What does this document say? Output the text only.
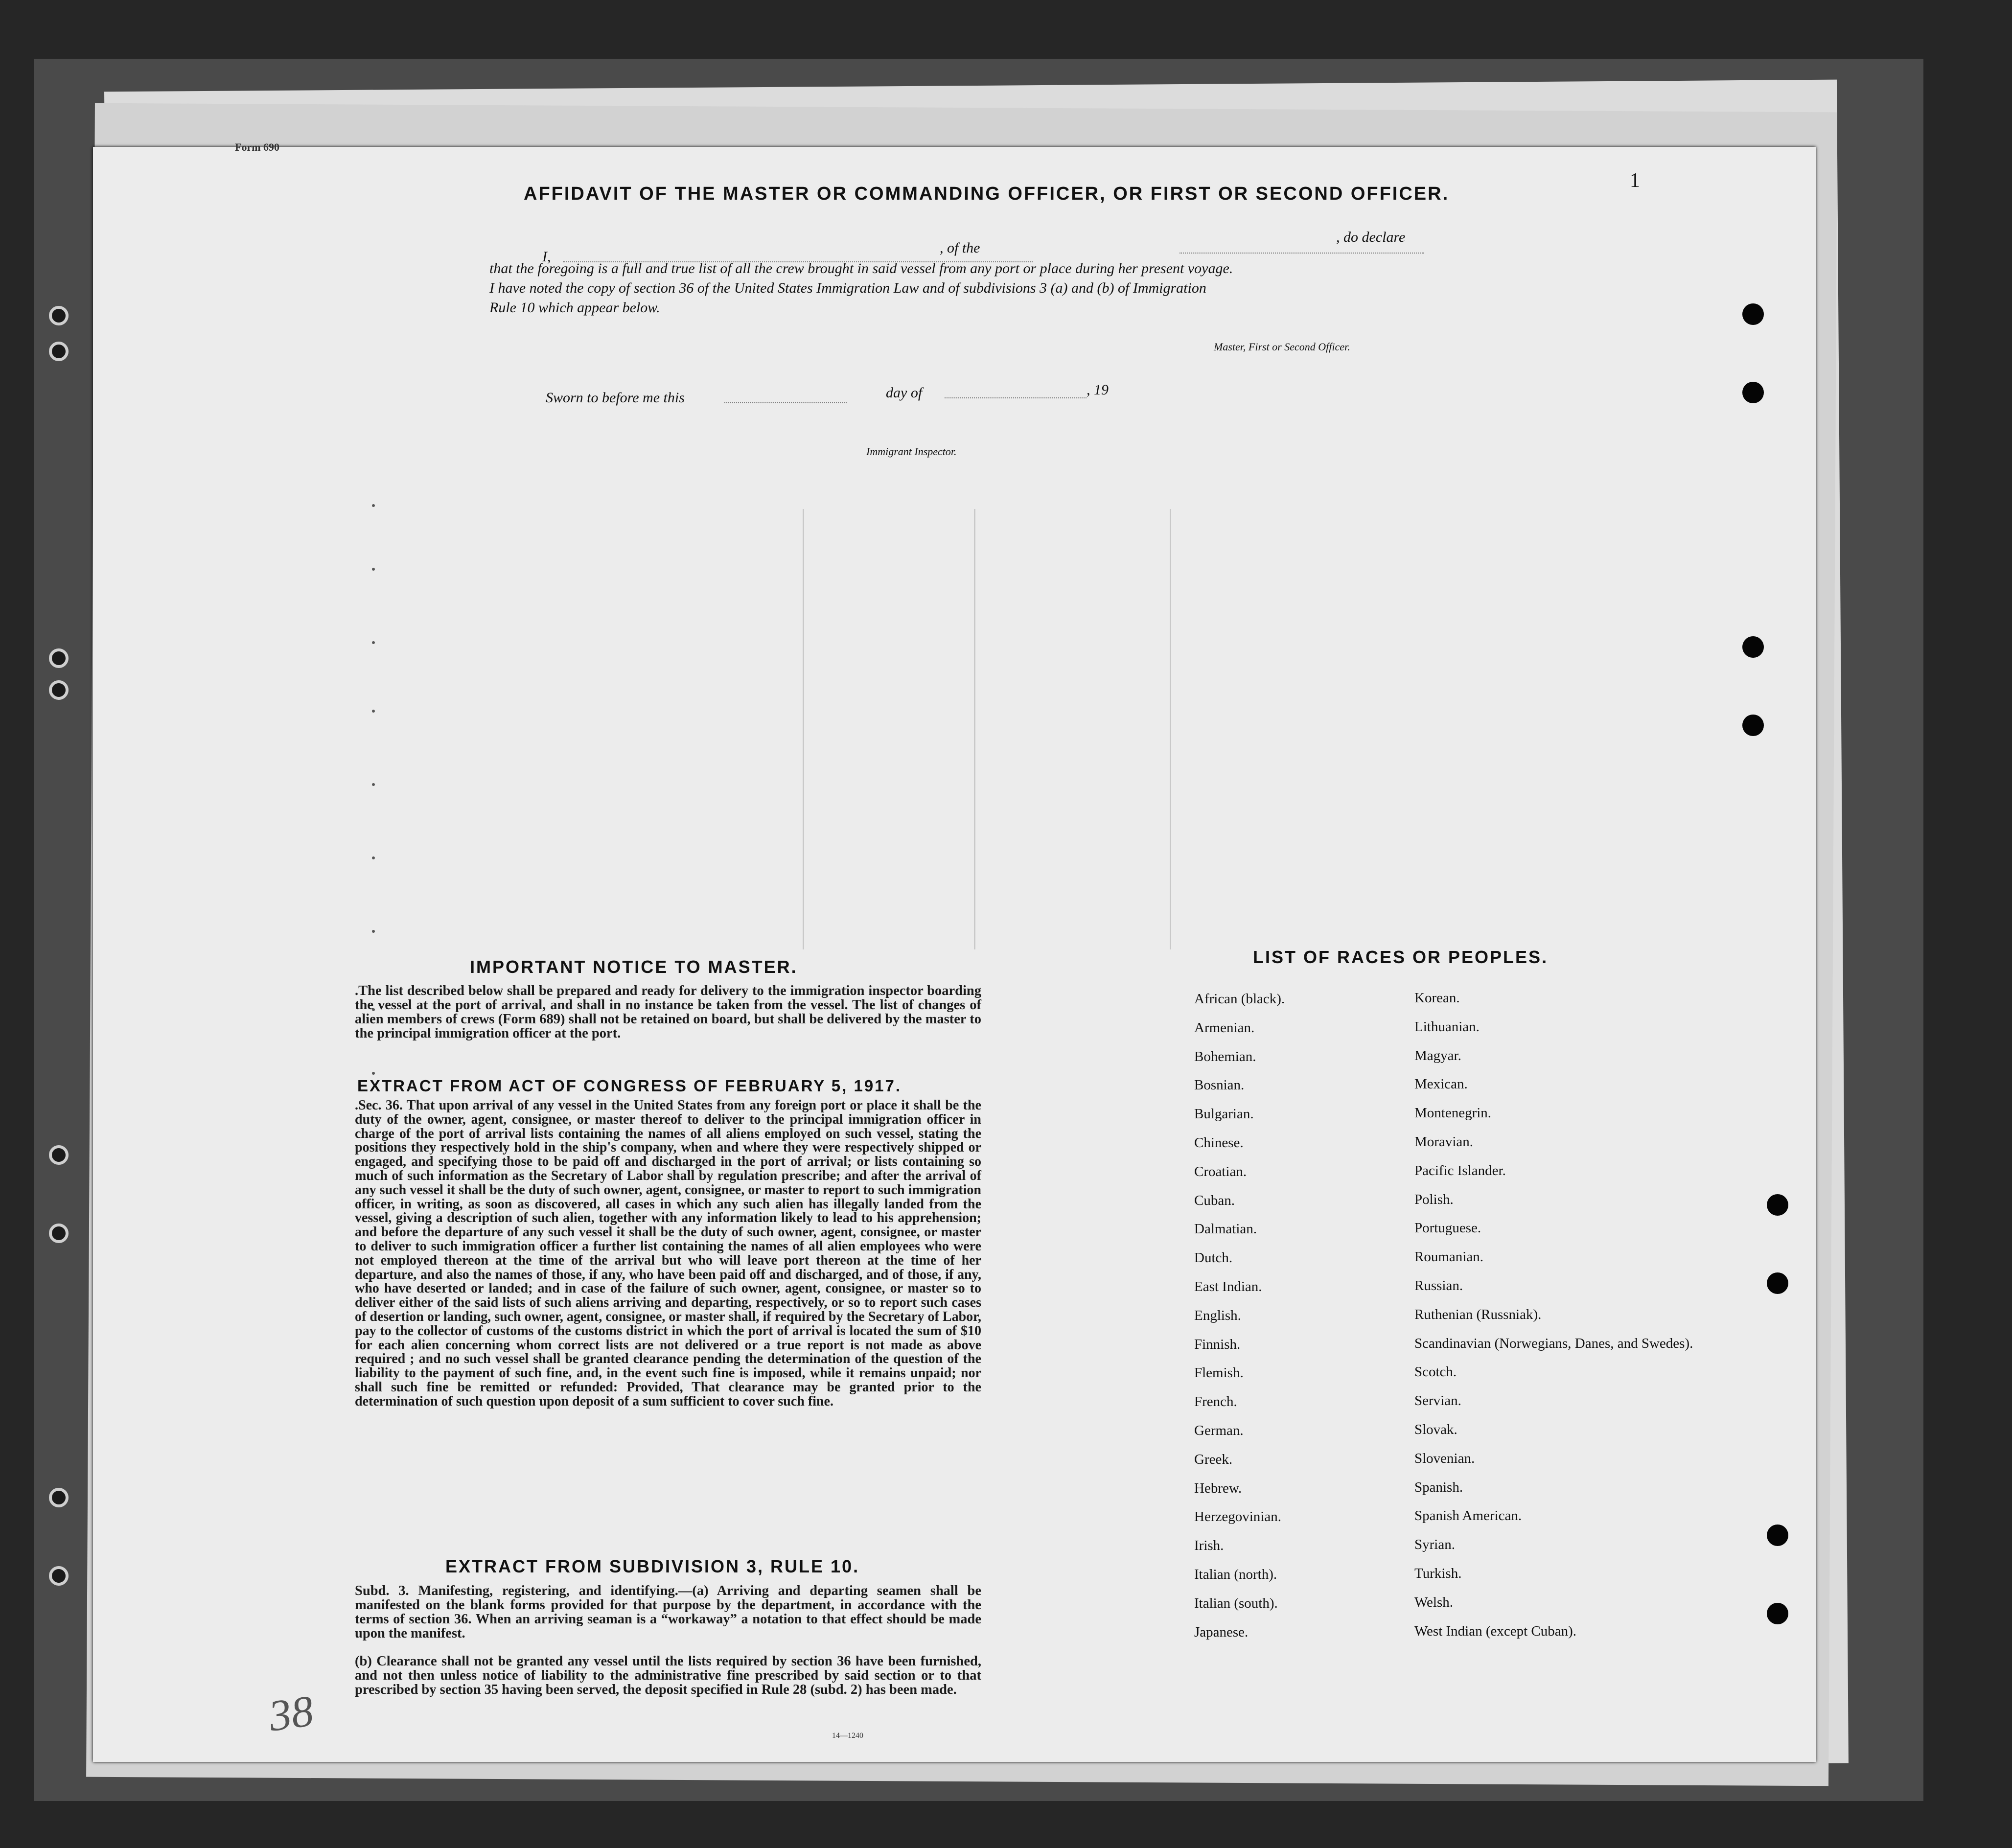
Form 690
1
AFFIDAVIT OF THE MASTER OR COMMANDING OFFICER, OR FIRST OR SECOND OFFICER.
I,
, of the
, do declare
that the foregoing is a full and true list of all the crew brought in said vessel from any port or place during her present voyage.
I have noted the copy of section 36 of the United States Immigration Law and of subdivisions 3 (a) and (b) of Immigration
Rule 10 which appear below.
Master, First or Second Officer.
Sworn to before me this	day of	, 19
Immigrant Inspector.
IMPORTANT NOTICE TO MASTER.
.The list described below shall be prepared and ready for delivery to the immigration inspector boarding the vessel at the port of arrival, and shall in no instance be taken from the vessel. The list of changes of alien members of crews (Form 689) shall not be retained on board, but shall be delivered by the master to the principal immigration officer at the port.
EXTRACT FROM ACT OF CONGRESS OF FEBRUARY 5, 1917.
.Sec. 36. That upon arrival of any vessel in the United States from any foreign port or place it shall be the duty of the owner, agent, consignee, or master thereof to deliver to the principal immigration officer in charge of the port of arrival lists containing the names of all aliens employed on such vessel, stating the positions they respectively hold in the ship's company, when and where they were respectively shipped or engaged, and specifying those to be paid off and discharged in the port of arrival; or lists containing so much of such information as the Secretary of Labor shall by regulation prescribe; and after the arrival of any such vessel it shall be the duty of such owner, agent, consignee, or master to report to such immigration officer, in writing, as soon as discovered, all cases in which any such alien has illegally landed from the vessel, giving a description of such alien, together with any information likely to lead to his apprehension; and before the departure of any such vessel it shall be the duty of such owner, agent, consignee, or master to deliver to such immigration officer a further list containing the names of all alien employees who were not employed thereon at the time of the arrival but who will leave port thereon at the time of her departure, and also the names of those, if any, who have been paid off and discharged, and of those, if any, who have deserted or landed; and in case of the failure of such owner, agent, consignee, or master so to deliver either of the said lists of such aliens arriving and departing, respectively, or so to report such cases of desertion or landing, such owner, agent, consignee, or master shall, if required by the Secretary of Labor, pay to the collector of customs of the customs district in which the port of arrival is located the sum of $10 for each alien concerning whom correct lists are not delivered or a true report is not made as above required ; and no such vessel shall be granted clearance pending the determination of the question of the liability to the payment of such fine, and, in the event such fine is imposed, while it remains unpaid; nor shall such fine be remitted or refunded: Provided, That clearance may be granted prior to the determination of such question upon deposit of a sum sufficient to cover such fine.
EXTRACT FROM SUBDIVISION 3, RULE 10.
Subd. 3. Manifesting, registering, and identifying.—(a) Arriving and departing seamen shall be manifested on the blank forms provided for that purpose by the department, in accordance with the terms of section 36. When an arriving seaman is a “workaway” a notation to that effect should be made upon the manifest.
(b) Clearance shall not be granted any vessel until the lists required by section 36 have been furnished, and not then unless notice of liability to the administrative fine prescribed by said section or to that prescribed by section 35 having been served, the deposit specified in Rule 28 (subd. 2) has been made.
14—1240
38
LIST OF RACES OR PEOPLES.
African (black).
Armenian.
Bohemian.
Bosnian.
Bulgarian.
Chinese.
Croatian.
Cuban.
Dalmatian.
Dutch.
East Indian.
English.
Finnish.
Flemish.
French.
German.
Greek.
Hebrew.
Herzegovinian.
Irish.
Italian (north).
Italian (south).
Japanese.
Korean.
Lithuanian.
Magyar.
Mexican.
Montenegrin.
Moravian.
Pacific Islander.
Polish.
Portuguese.
Roumanian.
Russian.
Ruthenian (Russniak).
Scandinavian (Norwegians, Danes, and Swedes).
Scotch.
Servian.
Slovak.
Slovenian.
Spanish.
Spanish American.
Syrian.
Turkish.
Welsh.
West Indian (except Cuban).
